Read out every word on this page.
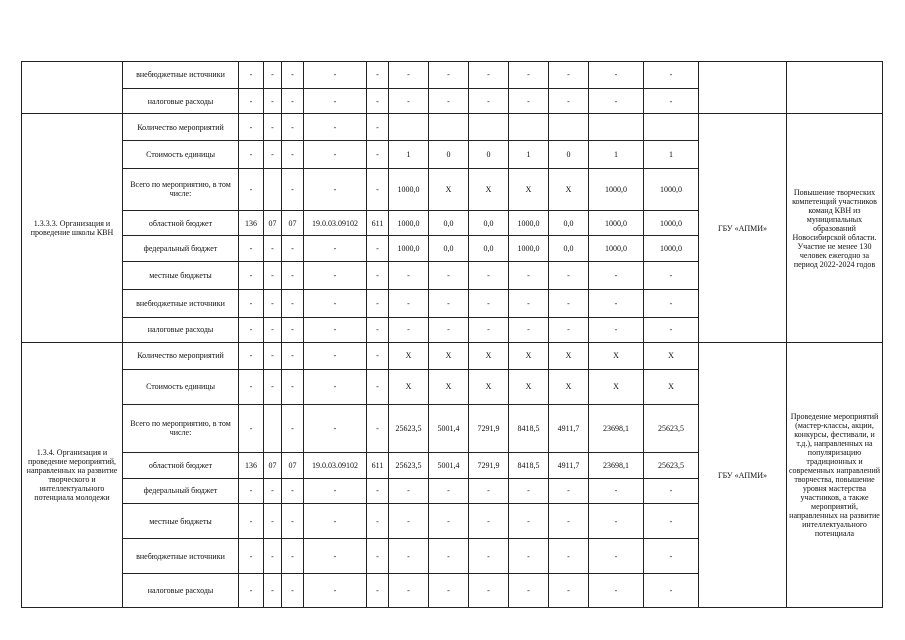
	внебюджетные источники	-	-	-	-	-	-	-	-	-	-	-	-		
	налоговые расходы	-	-	-	-	-	-	-	-	-	-	-	-		
1.3.3.3. Организация и проведение школы КВН	Количество мероприятий	-	-	-	-	-								ГБУ «АПМИ»	Повышение творческих компетенций участников команд КВН из муниципальных образований Новосибирской области. Участие не менее 130 человек ежегодно за период 2022-2024 годов
	Стоимость единицы	-	-	-	-	-	1	0	0	1	0	1	1		
	Всего по мероприятию, в том числе:	-		-	-	-	1000,0	X	X	X	X	1000,0	1000,0		
	областной бюджет	136	07	07	19.0.03.09102	611	1000,0	0,0	0,0	1000,0	0,0	1000,0	1000,0		
	федеральный бюджет	-	-	-	-	-	1000,0	0,0	0,0	1000,0	0,0	1000,0	1000,0		
	местные бюджеты	-	-	-	-	-	-	-	-	-	-	-	-		
	внебюджетные источники	-	-	-	-	-	-	-	-	-	-	-	-		
	налоговые расходы	-	-	-	-	-	-	-	-	-	-	-	-		
1.3.4. Организация и проведение мероприятий, направленных на развитие творческого и интеллектуального потенциала молодежи	Количество мероприятий	-	-	-	-	-	X	X	X	X	X	X	X	ГБУ «АПМИ»	Проведение мероприятий (мастер-классы, акции, конкурсы, фестивали, и т.д.), направленных на популяризацию традиционных и современных направлений творчества, повышение уровня мастерства участников, а также мероприятий, направленных на развитие интеллектуального потенциала
	Стоимость единицы	-	-	-	-	-	X	X	X	X	X	X	X		
	Всего по мероприятию, в том числе:	-		-	-	-	25623,5	5001,4	7291,9	8418,5	4911,7	23698,1	25623,5		
	областной бюджет	136	07	07	19.0.03.09102	611	25623,5	5001,4	7291,9	8418,5	4911,7	23698,1	25623,5		
	федеральный бюджет	-	-	-	-	-	-	-	-	-	-	-	-		
	местные бюджеты	-	-	-	-	-	-	-	-	-	-	-	-		
	внебюджетные источники	-	-	-	-	-	-	-	-	-	-	-	-		
	налоговые расходы	-	-	-	-	-	-	-	-	-	-	-	-		
